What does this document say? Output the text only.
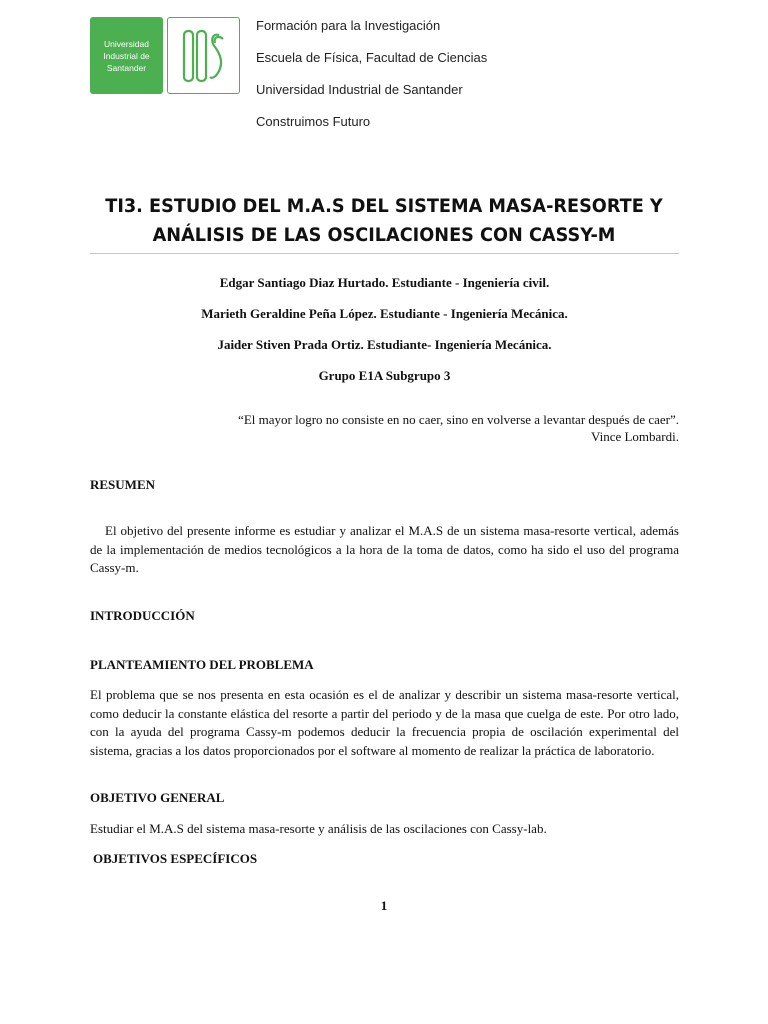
Universidad
Industrial de
Santander
Formación para la Investigación
Escuela de Física, Facultad de Ciencias
Universidad Industrial de Santander
Construimos Futuro
TI3. ESTUDIO DEL M.A.S DEL SISTEMA MASA-RESORTE Y
ANÁLISIS DE LAS OSCILACIONES CON CASSY-M
Edgar Santiago Diaz Hurtado. Estudiante - Ingeniería civil.
Marieth Geraldine Peña López. Estudiante - Ingeniería Mecánica.
Jaider Stiven Prada Ortiz. Estudiante- Ingeniería Mecánica.
Grupo E1A Subgrupo 3
“El mayor logro no consiste en no caer, sino en volverse a levantar después de caer”.
Vince Lombardi.
RESUMEN
El objetivo del presente informe es estudiar y analizar el M.A.S de un sistema masa-resorte vertical, además de la implementación de medios tecnológicos a la hora de la toma de datos, como ha sido el uso del programa Cassy-m.
INTRODUCCIÓN
PLANTEAMIENTO DEL PROBLEMA
El problema que se nos presenta en esta ocasión es el de analizar y describir un sistema masa-resorte vertical, como deducir la constante elástica del resorte a partir del periodo y de la masa que cuelga de este. Por otro lado, con la ayuda del programa Cassy-m podemos deducir la frecuencia propia de oscilación experimental del sistema, gracias a los datos proporcionados por el software al momento de realizar la práctica de laboratorio.
OBJETIVO GENERAL
Estudiar el M.A.S del sistema masa-resorte y análisis de las oscilaciones con Cassy-lab.
OBJETIVOS ESPECÍFICOS
1
